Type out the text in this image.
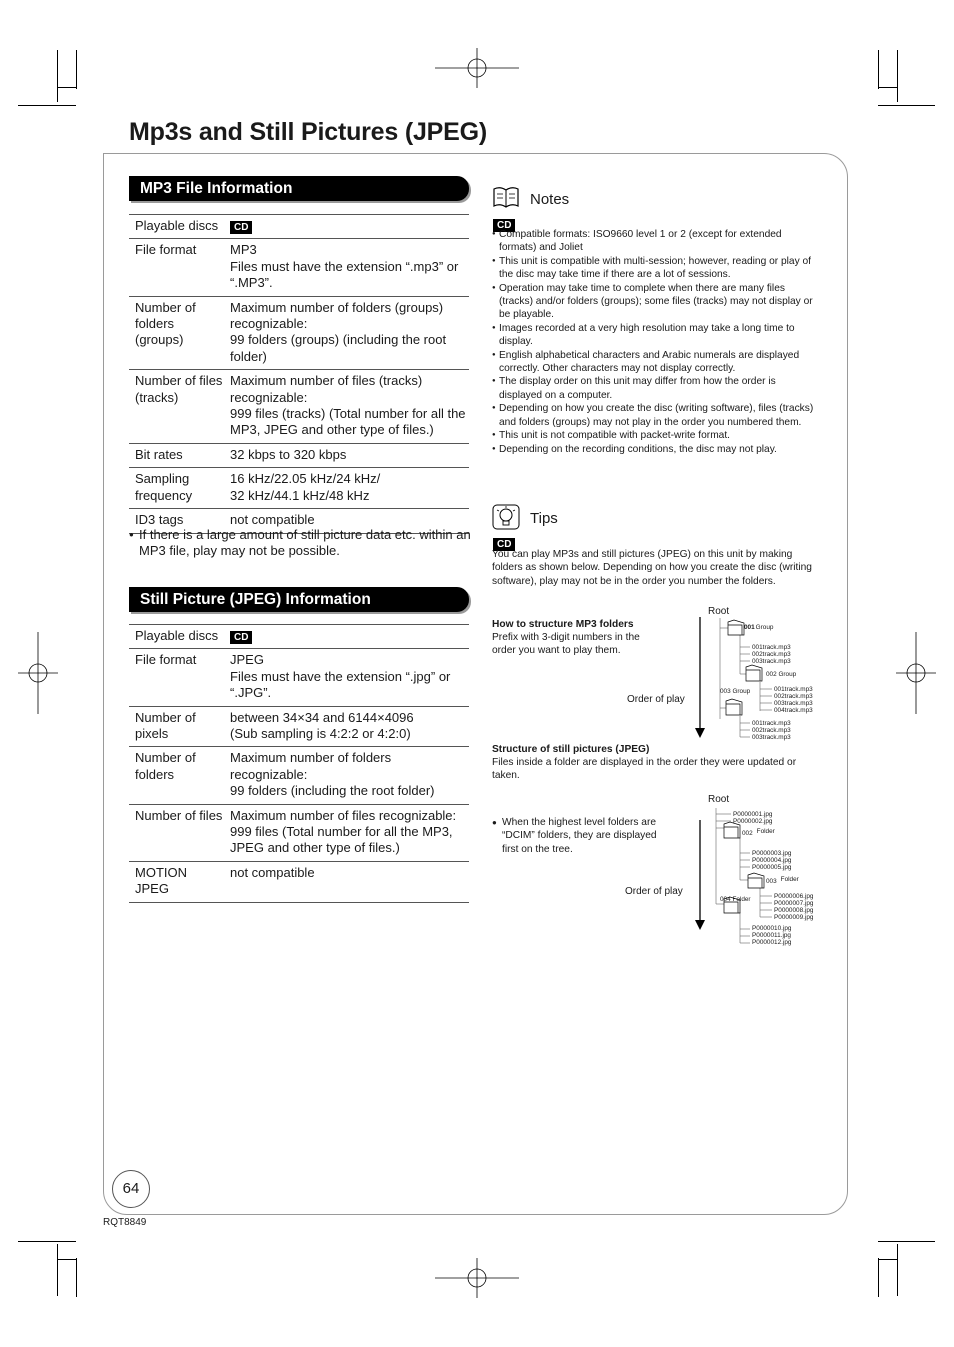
Mp3s and Still Pictures (JPEG)
MP3 File Information
Playable discs	CD
File format	MP3
Files must have the extension “.mp3” or “.MP3”.

Number of folders (groups)	Maximum number of folders (groups) recognizable:
99 folders (groups) (including the root folder)

Number of files (tracks)	Maximum number of files (tracks) recognizable:
999 files (tracks) (Total number for all the MP3, JPEG and other type of files.)

Bit rates	32 kbps to 320 kbps

Sampling frequency	16 kHz/22.05 kHz/24 kHz/
32 kHz/44.1 kHz/48 kHz

ID3 tags	not compatible
● If there is a large amount of still picture data etc. within an MP3 file, play may not be possible.
Still Picture (JPEG) Information
Playable discs	CD
File format	JPEG
Files must have the extension “.jpg” or “.JPG”.

Number of pixels	between 34×34 and 6144×4096
(Sub sampling is 4:2:2 or 4:2:0)

Number of folders	Maximum number of folders recognizable:
99 folders (including the root folder)

Number of files	Maximum number of files recognizable:
999 files (Total number for all the MP3, JPEG and other type of files.)

MOTION JPEG	not compatible
Notes
CD
● Compatible formats: ISO9660 level 1 or 2 (except for extended formats) and Joliet
● This unit is compatible with multi-session; however, reading or play of the disc may take time if there are a lot of sessions.
● Operation may take time to complete when there are many files (tracks) and/or folders (groups); some files (tracks) may not display or be playable.
● Images recorded at a very high resolution may take a long time to display.
● English alphabetical characters and Arabic numerals are displayed correctly. Other characters may not display correctly.
● The display order on this unit may differ from how the order is displayed on a computer.
● Depending on how you create the disc (writing software), files (tracks) and folders (groups) may not play in the order you numbered them.
● This unit is not compatible with packet-write format.
● Depending on the recording conditions, the disc may not play.
Tips
CD
You can play MP3s and still pictures (JPEG) on this unit by making folders as shown below. Depending on how you create the disc (writing software), play may not be in the order you number the folders.
How to structure MP3 folders
Prefix with 3-digit numbers in the order you want to play them.
Root
Order of play
001Group
001track.mp3
002track.mp3
003track.mp3
002 Group
001track.mp3
002track.mp3
003track.mp3
004track.mp3
003 Group
001track.mp3
002track.mp3
003track.mp3
Structure of still pictures (JPEG)
Files inside a folder are displayed in the order they were updated or taken.
● When the highest level folders are “DCIM” folders, they are displayed first on the tree.
Root
Order of play
P0000001.jpg
P0000002.jpg
002 Folder
P0000003.jpg
P0000004.jpg
P0000005.jpg
003 Folder
P0000006.jpg
P0000007.jpg
P0000008.jpg
P0000009.jpg
004 Folder
P0000010.jpg
P0000011.jpg
P0000012.jpg
64
RQT8849
